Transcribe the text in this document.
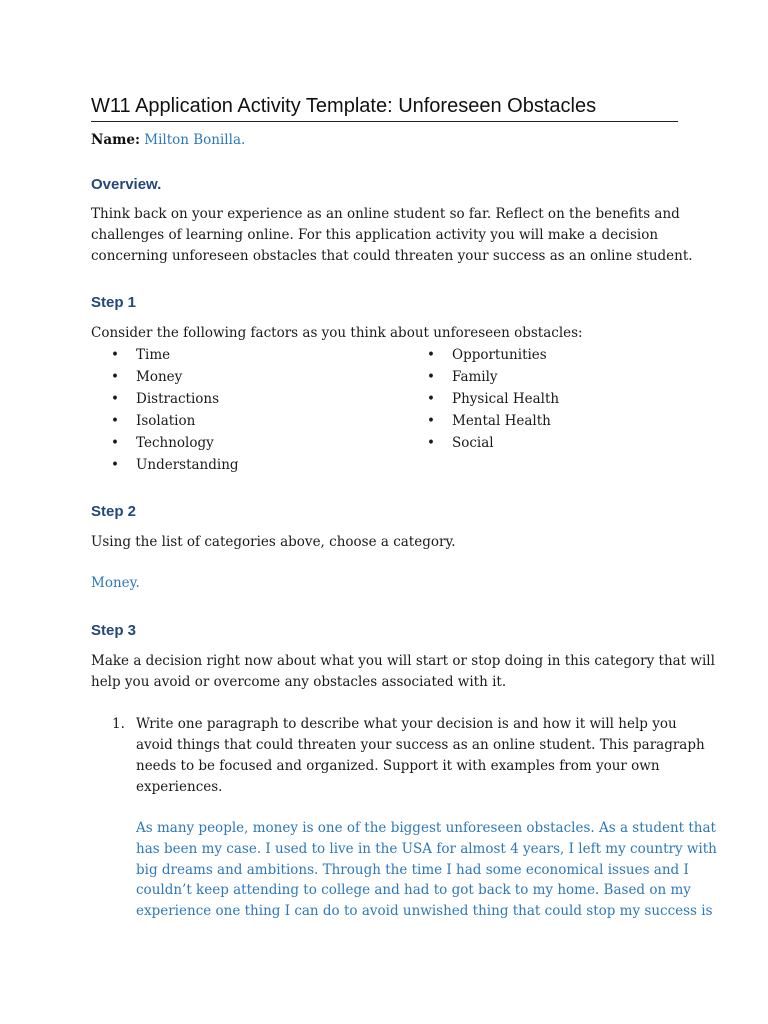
W11 Application Activity Template: Unforeseen Obstacles
Name: Milton Bonilla.
Overview.
Think back on your experience as an online student so far. Reflect on the benefits and
challenges of learning online. For this application activity you will make a decision
concerning unforeseen obstacles that could threaten your success as an online student.
Step 1
Consider the following factors as you think about unforeseen obstacles:
• Time
• Money
• Distractions
• Isolation
• Technology
• Understanding
• Opportunities
• Family
• Physical Health
• Mental Health
• Social
Step 2
Using the list of categories above, choose a category.
Money.
Step 3
Make a decision right now about what you will start or stop doing in this category that will
help you avoid or overcome any obstacles associated with it.
1. Write one paragraph to describe what your decision is and how it will help you
avoid things that could threaten your success as an online student. This paragraph
needs to be focused and organized. Support it with examples from your own
experiences.
As many people, money is one of the biggest unforeseen obstacles. As a student that
has been my case. I used to live in the USA for almost 4 years, I left my country with
big dreams and ambitions. Through the time I had some economical issues and I
couldn’t keep attending to college and had to got back to my home. Based on my
experience one thing I can do to avoid unwished thing that could stop my success is
